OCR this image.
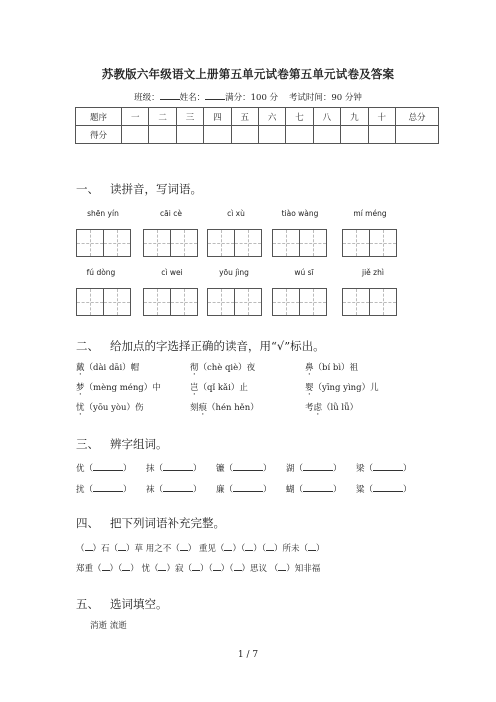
苏教版六年级语文上册第五单元试卷第五单元试卷及答案
班级： 姓名： 满分：100 分 考试时间：90 分钟
题序	一	二	三	四	五	六	七	八	九	十	总分
得分											
一、 读拼音，写词语。
shēn yín	cāi cè	cì xù	tiào wàng	mí méng
fú dòng	cì wei	yōu jìng	wú sī	jiě zhì
二、 给加点的字选择正确的读音，用“√”标出。
戴（dài dāi）帽	彻（chè qiè）夜	鼻（bí bì）祖
梦（mèng méng）中	岂（qǐ kǎi）止	婴（yīng yìng）儿
忧（yōu yòu）伤	刻痕（hén hěn）	考虑（lǜ lǚ）
三、 辨字组词。
优（	） 抹（	） 镰（	） 湖（	） 梁（	）
扰（	） 袜（	） 廉（	） 蝴（	） 粱（	）
四、 把下列词语补充完整。
（ ）石（ ）草 用之不（ ） 重见（ ）（ ）（ ）所未（ ）
郑重（ ）（ ） 忧（ ）寂（ ）（ ）（ ）思议 （ ）知非福
五、 选词填空。
消逝 流逝
1 / 7
